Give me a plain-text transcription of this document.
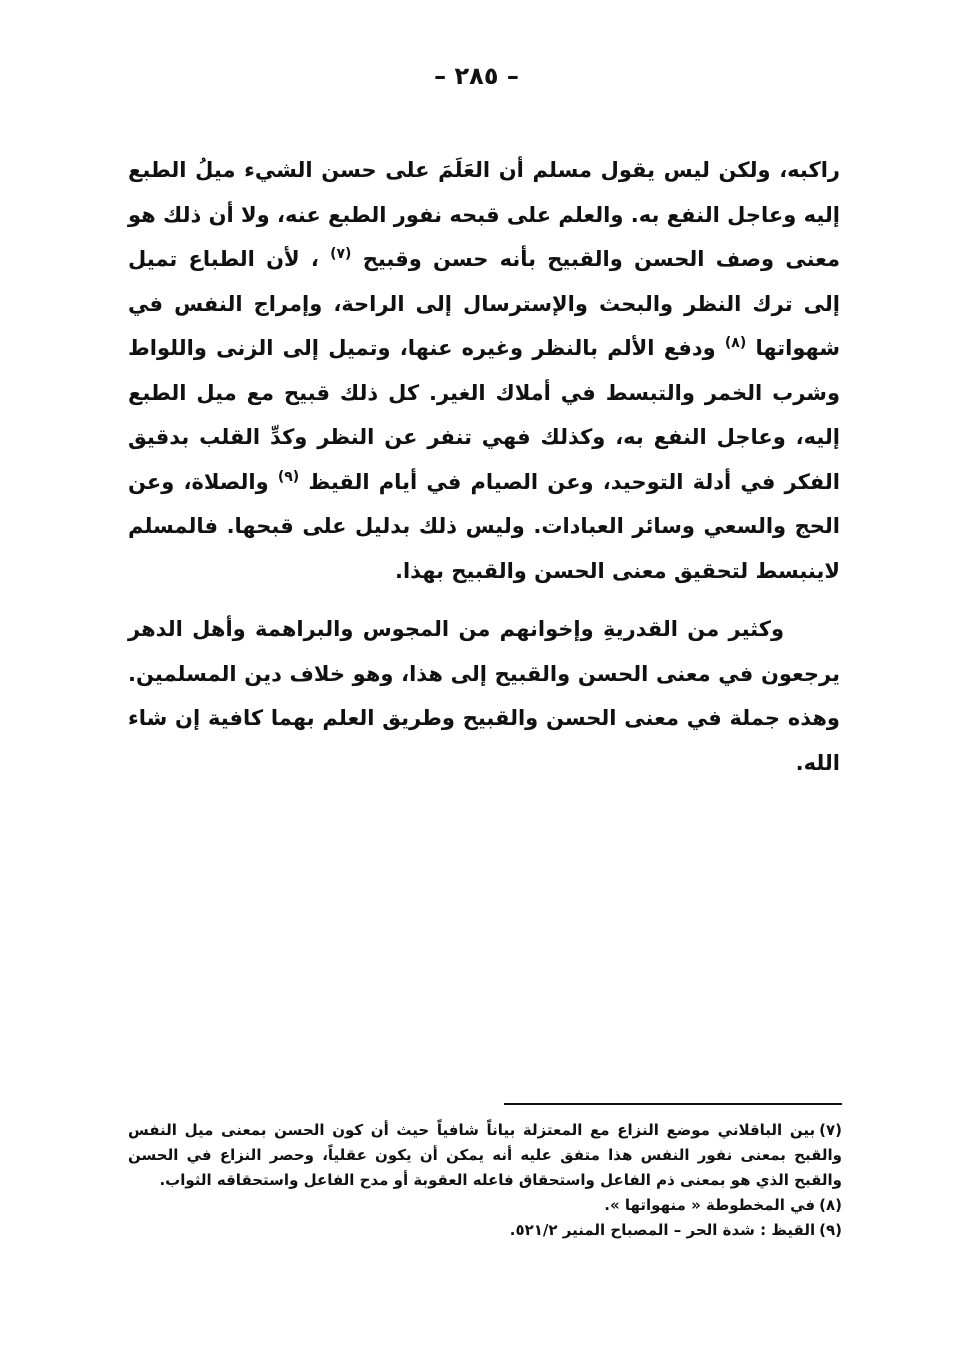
– ٢٨٥ –

راكبه، ولكن ليس يقول مسلم أن العَلَمَ على حسن الشيء ميلُ الطبع إليه وعاجل النفع به. والعلم على قبحه نفور الطبع عنه، ولا أن ذلك هو معنى وصف الحسن والقبيح بأنه حسن وقبيح $^{(٧)}$ ، لأن الطباع تميل إلى ترك النظر والبحث والإسترسال إلى الراحة، وإمراج النفس في شهواتها $^{(٨)}$ ودفع الألم بالنظر وغيره عنها، وتميل إلى الزنى واللواط وشرب الخمر والتبسط في أملاك الغير. كل ذلك قبيح مع ميل الطبع إليه، وعاجل النفع به، وكذلك فهي تنفر عن النظر وكدِّ القلب بدقيق الفكر في أدلة التوحيد، وعن الصيام في أيام القيظ $^{(٩)}$ والصلاة، وعن الحج والسعي وسائر العبادات. وليس ذلك بدليل على قبحها. فالمسلم لاينبسط لتحقيق معنى الحسن والقبيح بهذا.

وكثير من القدريةِ وإخوانهم من المجوس والبراهمة وأهل الدهر يرجعون في معنى الحسن والقبيح إلى هذا، وهو خلاف دين المسلمين. وهذه جملة في معنى الحسن والقبيح وطريق العلم بهما كافية إن شاء الله.

(٧)بين الباقلاني موضع النزاع مع المعتزلة بياناً شافياً حيث أن كون الحسن بمعنى ميل النفس والقبح بمعنى نفور النفس هذا متفق عليه أنه يمكن أن يكون عقلياً، وحصر النزاع في الحسن والقبح الذي هو بمعنى ذم الفاعل واستحقاق فاعله العقوبة أو مدح الفاعل واستحقاقه الثواب.

(٨)في المخطوطة « منهواتها ».

(٩)القيظ : شدة الحر – المصباح المنير ٥٢١/٢.
